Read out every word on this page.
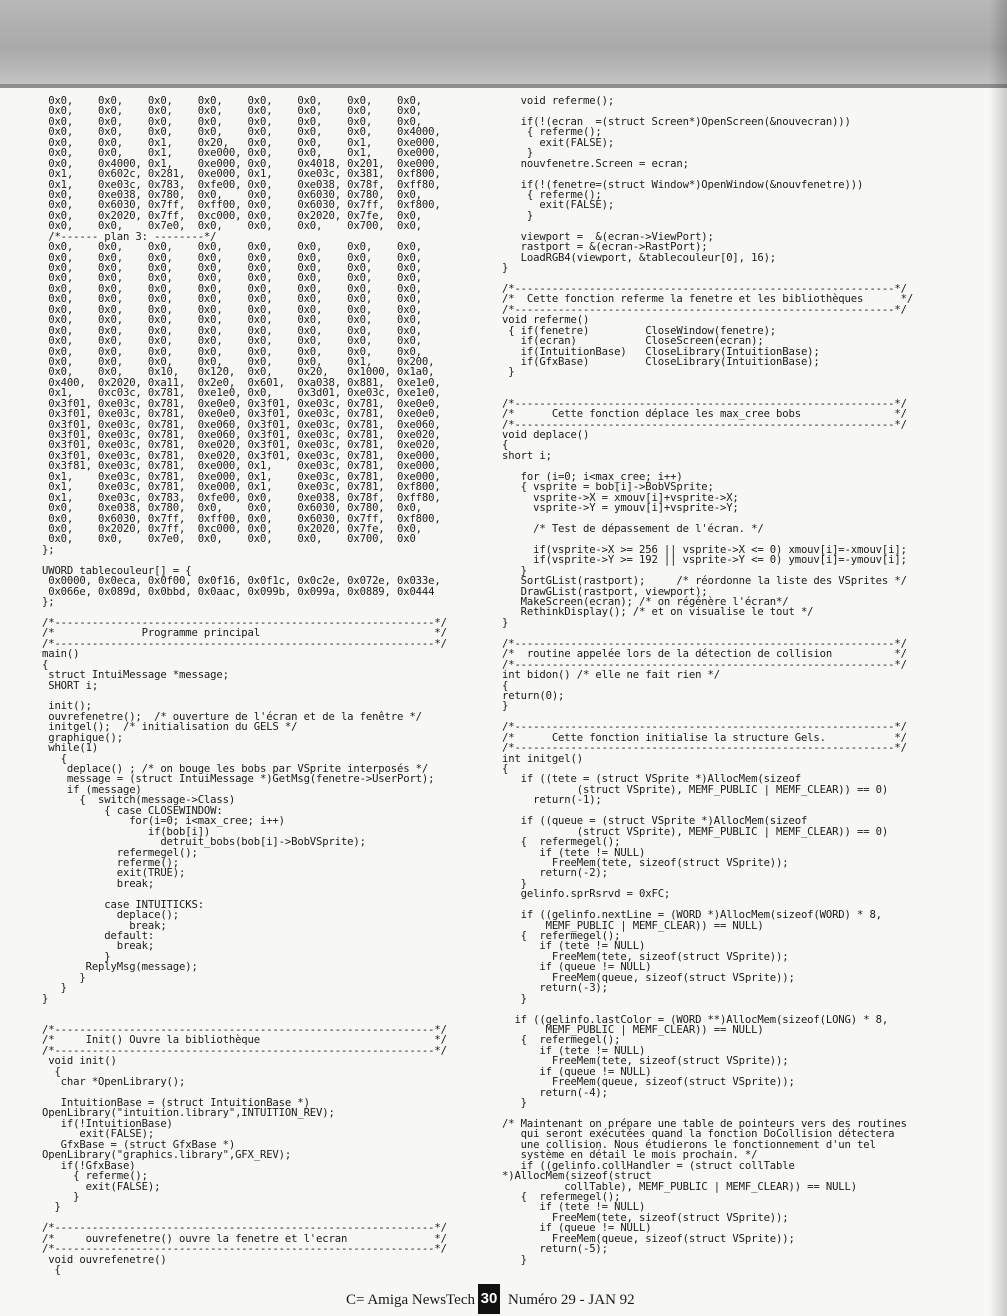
0x0,    0x0,    0x0,    0x0,    0x0,    0x0,    0x0,    0x0,
0x0,    0x0,    0x0,    0x0,    0x0,    0x0,    0x0,    0x0,
0x0,    0x0,    0x0,    0x0,    0x0,    0x0,    0x0,    0x0,
0x0,    0x0,    0x0,    0x0,    0x0,    0x0,    0x0,    0x4000,
0x0,    0x0,    0x1,    0x20,   0x0,    0x0,    0x1,    0xe000,
0x0,    0x0,    0x1,    0xe000, 0x0,    0x0,    0x1,    0xe000,
0x0,    0x4000, 0x1,    0xe000, 0x0,    0x4018, 0x201,  0xe000,
0x1,    0x602c, 0x281,  0xe000, 0x1,    0xe03c, 0x381,  0xf800,
0x1,    0xe03c, 0x783,  0xfe00, 0x0,    0xe038, 0x78f,  0xff80,
0x0,    0xe038, 0x780,  0x0,    0x0,    0x6030, 0x780,  0x0,
0x0,    0x6030, 0x7ff,  0xff00, 0x0,    0x6030, 0x7ff,  0xf800,
0x0,    0x2020, 0x7ff,  0xc000, 0x0,    0x2020, 0x7fe,  0x0,
0x0,    0x0,    0x7e0,  0x0,    0x0,    0x0,    0x700,  0x0,
/*------ plan 3: --------*/
0x0,    0x0,    0x0,    0x0,    0x0,    0x0,    0x0,    0x0,
0x0,    0x0,    0x0,    0x0,    0x0,    0x0,    0x0,    0x0,
0x0,    0x0,    0x0,    0x0,    0x0,    0x0,    0x0,    0x0,
0x0,    0x0,    0x0,    0x0,    0x0,    0x0,    0x0,    0x0,
0x0,    0x0,    0x0,    0x0,    0x0,    0x0,    0x0,    0x0,
0x0,    0x0,    0x0,    0x0,    0x0,    0x0,    0x0,    0x0,
0x0,    0x0,    0x0,    0x0,    0x0,    0x0,    0x0,    0x0,
0x0,    0x0,    0x0,    0x0,    0x0,    0x0,    0x0,    0x0,
0x0,    0x0,    0x0,    0x0,    0x0,    0x0,    0x0,    0x0,
0x0,    0x0,    0x0,    0x0,    0x0,    0x0,    0x0,    0x0,
0x0,    0x0,    0x0,    0x0,    0x0,    0x0,    0x0,    0x0,
0x0,    0x0,    0x0,    0x0,    0x0,    0x0,    0x1,    0x200,
0x0,    0x0,    0x10,   0x120,  0x0,    0x20,   0x1000, 0x1a0,
0x400,  0x2020, 0xa11,  0x2e0,  0x601,  0xa038, 0x881,  0xe1e0,
0x1,    0xc03c, 0x781,  0xe1e0, 0x0,    0x3d01, 0xe03c, 0xe1e0,
0x3f01, 0xe03c, 0x781,  0xe0e0, 0x3f01, 0xe03c, 0x781,  0xe0e0,
0x3f01, 0xe03c, 0x781,  0xe0e0, 0x3f01, 0xe03c, 0x781,  0xe0e0,
0x3f01, 0xe03c, 0x781,  0xe060, 0x3f01, 0xe03c, 0x781,  0xe060,
0x3f01, 0xe03c, 0x781,  0xe060, 0x3f01, 0xe03c, 0x781,  0xe020,
0x3f01, 0xe03c, 0x781,  0xe020, 0x3f01, 0xe03c, 0x781,  0xe020,
0x3f01, 0xe03c, 0x781,  0xe020, 0x3f01, 0xe03c, 0x781,  0xe000,
0x3f81, 0xe03c, 0x781,  0xe000, 0x1,    0xe03c, 0x781,  0xe000,
0x1,    0xe03c, 0x781,  0xe000, 0x1,    0xe03c, 0x781,  0xe000,
0x1,    0xe03c, 0x781,  0xe000, 0x1,    0xe03c, 0x781,  0xf800,
0x1,    0xe03c, 0x783,  0xfe00, 0x0,    0xe038, 0x78f,  0xff80,
0x0,    0xe038, 0x780,  0x0,    0x0,    0x6030, 0x780,  0x0,
0x0,    0x6030, 0x7ff,  0xff00, 0x0,    0x6030, 0x7ff,  0xf800,
0x0,    0x2020, 0x7ff,  0xc000, 0x0,    0x2020, 0x7fe,  0x0,
0x0,    0x0,    0x7e0,  0x0,    0x0,    0x0,    0x700,  0x0
};
UWORD tablecouleur[] = {
0x0000, 0x0eca, 0x0f00, 0x0f16, 0x0f1c, 0x0c2e, 0x072e, 0x033e,
0x066e, 0x089d, 0x0bbd, 0x0aac, 0x099b, 0x099a, 0x0889, 0x0444
};
/*-------------------------------------------------------------*/
/*              Programme principal                            */
/*-------------------------------------------------------------*/
main()
{
struct IntuiMessage *message;
SHORT i;
init();
ouvrefenetre();  /* ouverture de l'écran et de la fenêtre */
initgel();  /* initialisation du GELS */
graphique();
while(1)
{
deplace() ; /* on bouge les bobs par VSprite interposés */
message = (struct IntuiMessage *)GetMsg(fenetre->UserPort);
if (message)
{  switch(message->Class)
{ case CLOSEWINDOW:
for(i=0; i<max_cree; i++)
if(bob[i])
detruit_bobs(bob[i]->BobVSprite);
refermegel();
referme();
exit(TRUE);
break;
case INTUITICKS:
deplace();
break;
default:
break;
}
ReplyMsg(message);
}
}
}
/*-------------------------------------------------------------*/
/*     Init() Ouvre la bibliothèque                            */
/*-------------------------------------------------------------*/
void init()
{
char *OpenLibrary();
IntuitionBase = (struct IntuitionBase *)
OpenLibrary("intuition.library",INTUITION_REV);
if(!IntuitionBase)
exit(FALSE);
GfxBase = (struct GfxBase *)
OpenLibrary("graphics.library",GFX_REV);
if(!GfxBase)
{ referme();
exit(FALSE);
}
}
/*-------------------------------------------------------------*/
/*     ouvrefenetre() ouvre la fenetre et l'ecran              */
/*-------------------------------------------------------------*/
void ouvrefenetre()
{
void referme();
if(!(ecran  =(struct Screen*)OpenScreen(&nouvecran)))
{ referme();
exit(FALSE);
}
nouvfenetre.Screen = ecran;
if(!(fenetre=(struct Window*)OpenWindow(&nouvfenetre)))
{ referme();
exit(FALSE);
}
viewport =  &(ecran->ViewPort);
rastport = &(ecran->RastPort);
LoadRGB4(viewport, &tablecouleur[0], 16);
}
/*-------------------------------------------------------------*/
/*  Cette fonction referme la fenetre et les bibliothèques      */
/*-------------------------------------------------------------*/
void referme()
{ if(fenetre)         CloseWindow(fenetre);
if(ecran)           CloseScreen(ecran);
if(IntuitionBase)   CloseLibrary(IntuitionBase);
if(GfxBase)         CloseLibrary(IntuitionBase);
}
/*-------------------------------------------------------------*/
/*      Cette fonction déplace les max_cree bobs               */
/*-------------------------------------------------------------*/
void deplace()
{
short i;
for (i=0; i<max_cree; i++)
{ vsprite = bob[i]->BobVSprite;
vsprite->X = xmouv[i]+vsprite->X;
vsprite->Y = ymouv[i]+vsprite->Y;
/* Test de dépassement de l'écran. */
if(vsprite->X >= 256 || vsprite->X <= 0) xmouv[i]=-xmouv[i];
if(vsprite->Y >= 192 || vsprite->Y <= 0) ymouv[i]=-ymouv[i];
}
SortGList(rastport);     /* réordonne la liste des VSprites */
DrawGList(rastport, viewport);
MakeScreen(ecran); /* on régénère l'écran*/
RethinkDisplay(); /* et on visualise le tout */
}
/*-------------------------------------------------------------*/
/*  routine appelée lors de la détection de collision          */
/*-------------------------------------------------------------*/
int bidon() /* elle ne fait rien */
{
return(0);
}
/*-------------------------------------------------------------*/
/*      Cette fonction initialise la structure Gels.           */
/*-------------------------------------------------------------*/
int initgel()
{
if ((tete = (struct VSprite *)AllocMem(sizeof
(struct VSprite), MEMF_PUBLIC | MEMF_CLEAR)) == 0)
return(-1);
if ((queue = (struct VSprite *)AllocMem(sizeof
(struct VSprite), MEMF_PUBLIC | MEMF_CLEAR)) == 0)
{  refermegel();
if (tete != NULL)
FreeMem(tete, sizeof(struct VSprite));
return(-2);
}
gelinfo.sprRsrvd = 0xFC;
if ((gelinfo.nextLine = (WORD *)AllocMem(sizeof(WORD) * 8,
MEMF_PUBLIC | MEMF_CLEAR)) == NULL)
{  refermegel();
if (tete != NULL)
FreeMem(tete, sizeof(struct VSprite));
if (queue != NULL)
FreeMem(queue, sizeof(struct VSprite));
return(-3);
}
if ((gelinfo.lastColor = (WORD **)AllocMem(sizeof(LONG) * 8,
MEMF_PUBLIC | MEMF_CLEAR)) == NULL)
{  refermegel();
if (tete != NULL)
FreeMem(tete, sizeof(struct VSprite));
if (queue != NULL)
FreeMem(queue, sizeof(struct VSprite));
return(-4);
}
/* Maintenant on prépare une table de pointeurs vers des routines
qui seront exécutées quand la fonction DoCollision détectera
une collision. Nous étudierons le fonctionnement d'un tel
système en détail le mois prochain. */
if ((gelinfo.collHandler = (struct collTable
*)AllocMem(sizeof(struct
collTable), MEMF_PUBLIC | MEMF_CLEAR)) == NULL)
{  refermegel();
if (tete != NULL)
FreeMem(tete, sizeof(struct VSprite));
if (queue != NULL)
FreeMem(queue, sizeof(struct VSprite));
return(-5);
}
C= Amiga NewsTech 30 Numéro 29 - JAN 92
